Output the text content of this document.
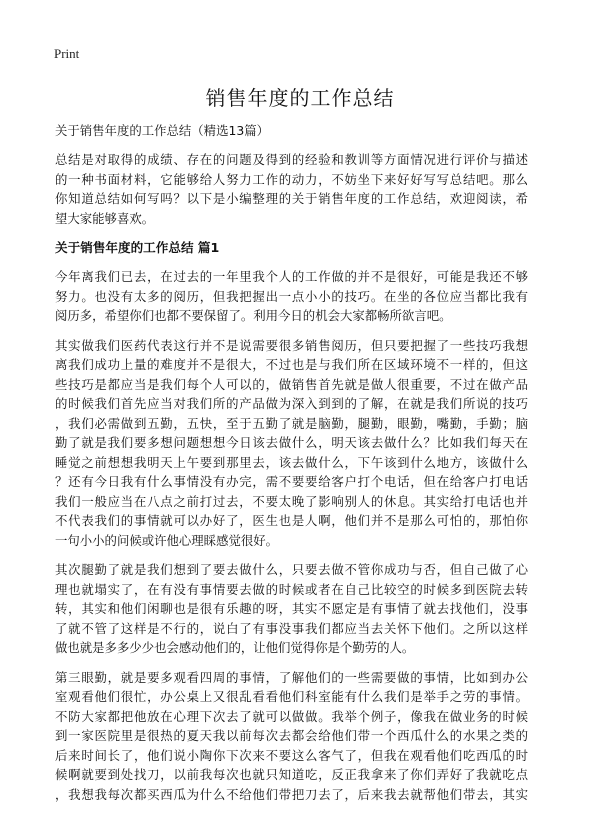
Print
销售年度的工作总结
关于销售年度的工作总结（精选13篇）
总结是对取得的成绩、存在的问题及得到的经验和教训等方面情况进行评价与描述
的一种书面材料，它能够给人努力工作的动力，不妨坐下来好好写写总结吧。那么
你知道总结如何写吗？以下是小编整理的关于销售年度的工作总结，欢迎阅读，希
望大家能够喜欢。
关于销售年度的工作总结 篇1
今年离我们已去，在过去的一年里我个人的工作做的并不是很好，可能是我还不够
努力。也没有太多的阅历，但我把握出一点小小的技巧。在坐的各位应当都比我有
阅历多，希望你们也都不要保留了。利用今日的机会大家都畅所欲言吧。
其实做我们医药代表这行并不是说需要很多销售阅历，但只要把握了一些技巧我想
离我们成功上量的难度并不是很大，不过也是与我们所在区域环境不一样的，但这
些技巧是都应当是我们每个人可以的，做销售首先就是做人很重要，不过在做产品
的时候我们首先应当对我们所的产品做为深入到到的了解，在就是我们所说的技巧
，我们必需做到五勤，五快，至于五勤了就是脑勤，腿勤，眼勤，嘴勤，手勤；脑
勤了就是我们要多想问题想想今日该去做什么，明天该去做什么？比如我们每天在
睡觉之前想想我明天上午要到那里去，该去做什么，下午该到什么地方，该做什么
？还有今日我有什么事情没有办完，需不要要给客户打个电话，但在给客户打电话
我们一般应当在八点之前打过去，不要太晚了影响别人的休息。其实给打电话也并
不代表我们的事情就可以办好了，医生也是人啊，他们并不是那么可怕的，那怕你
一句小小的问候或许他心理睬感觉很好。
其次腿勤了就是我们想到了要去做什么，只要去做不管你成功与否，但自己做了心
理也就塌实了，在有没有事情要去做的时候或者在自己比较空的时候多到医院去转
转，其实和他们闲聊也是很有乐趣的呀，其实不愿定是有事情了就去找他们，没事
了就不管了这样是不行的，说白了有事没事我们都应当去关怀下他们。之所以这样
做也就是多多少少也会感动他们的，让他们觉得你是个勤劳的人。
第三眼勤，就是要多观看四周的事情，了解他们的一些需要做的事情，比如到办公
室观看他们很忙，办公桌上又很乱看看他们科室能有什么我们是举手之劳的事情。
不防大家都把他放在心理下次去了就可以做做。我举个例子，像我在做业务的时候
到一家医院里是很热的夏天我以前每次去都会给他们带一个西瓜什么的水果之类的
后来时间长了，他们说小陶你下次来不要这么客气了，但我在观看他们吃西瓜的时
候啊就要到处找刀，以前我每次也就只知道吃，反正我拿来了你们弄好了我就吃点
，我想我每次都买西瓜为什么不给他们带把刀去了，后来我去就帮他们带去，其实
